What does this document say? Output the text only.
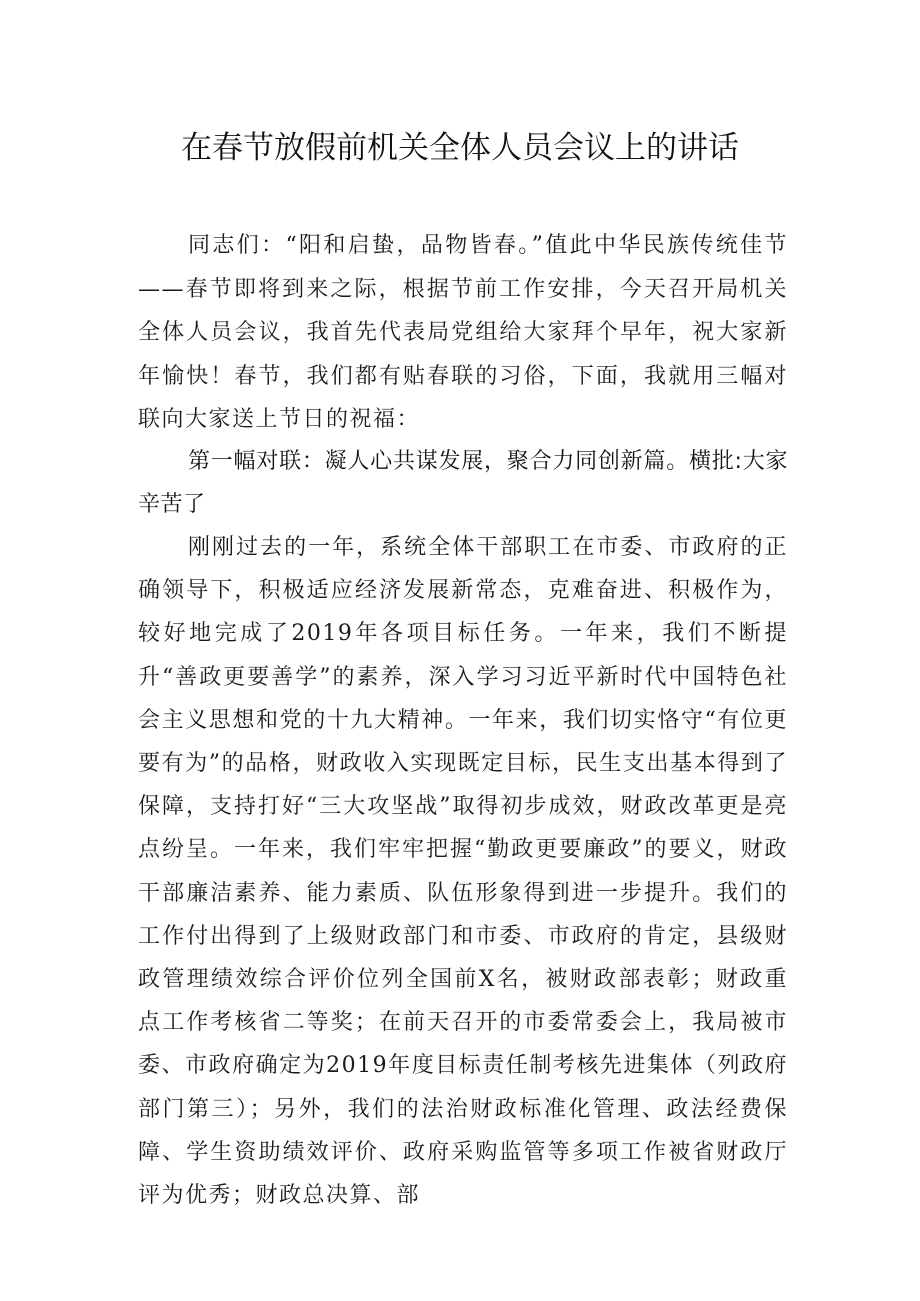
在春节放假前机关全体人员会议上的讲话

同志们：“阳和启蛰，品物皆春。”值此中华民族传统佳节——春节即将到来之际，根据节前工作安排，今天召开局机关全体人员会议，我首先代表局党组给大家拜个早年，祝大家新年愉快！春节，我们都有贴春联的习俗，下面，我就用三幅对联向大家送上节日的祝福：

第一幅对联：凝人心共谋发展，聚合力同创新篇。横批:大家辛苦了

刚刚过去的一年，系统全体干部职工在市委、市政府的正确领导下，积极适应经济发展新常态，克难奋进、积极作为，较好地完成了2019年各项目标任务。一年来，我们不断提升“善政更要善学”的素养，深入学习习近平新时代中国特色社会主义思想和党的十九大精神。一年来，我们切实恪守“有位更要有为”的品格，财政收入实现既定目标，民生支出基本得到了保障，支持打好“三大攻坚战”取得初步成效，财政改革更是亮点纷呈。一年来，我们牢牢把握“勤政更要廉政”的要义，财政干部廉洁素养、能力素质、队伍形象得到进一步提升。我们的工作付出得到了上级财政部门和市委、市政府的肯定，县级财政管理绩效综合评价位列全国前X名，被财政部表彰；财政重点工作考核省二等奖；在前天召开的市委常委会上，我局被市委、市政府确定为2019年度目标责任制考核先进集体（列政府部门第三）；另外，我们的法治财政标准化管理、政法经费保障、学生资助绩效评价、政府采购监管等多项工作被省财政厅评为优秀；财政总决算、部
